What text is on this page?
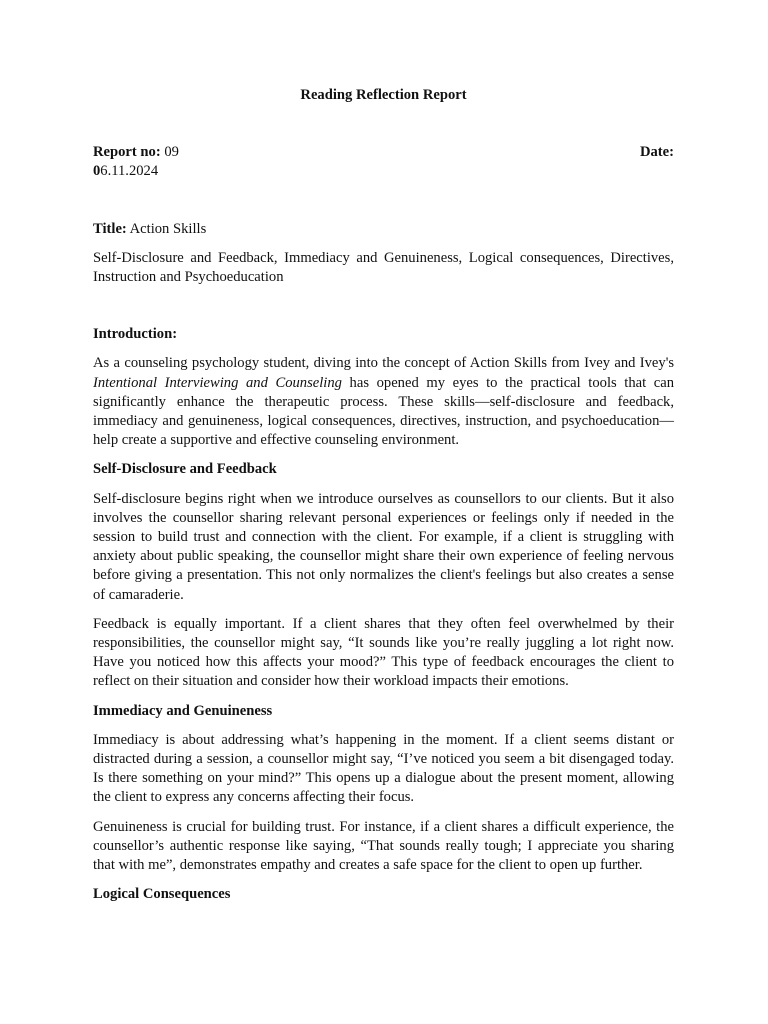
Reading Reflection Report

Report no: 09	Date:
06.11.2024

Title: Action Skills

Self-Disclosure and Feedback, Immediacy and Genuineness, Logical consequences, Directives, Instruction and Psychoeducation

Introduction:

As a counseling psychology student, diving into the concept of Action Skills from Ivey and Ivey's Intentional Interviewing and Counseling has opened my eyes to the practical tools that can significantly enhance the therapeutic process. These skills—self-disclosure and feedback, immediacy and genuineness, logical consequences, directives, instruction, and psychoeducation—help create a supportive and effective counseling environment.

Self-Disclosure and Feedback

Self-disclosure begins right when we introduce ourselves as counsellors to our clients. But it also involves the counsellor sharing relevant personal experiences or feelings only if needed in the session to build trust and connection with the client. For example, if a client is struggling with anxiety about public speaking, the counsellor might share their own experience of feeling nervous before giving a presentation. This not only normalizes the client's feelings but also creates a sense of camaraderie.

Feedback is equally important. If a client shares that they often feel overwhelmed by their responsibilities, the counsellor might say, “It sounds like you’re really juggling a lot right now. Have you noticed how this affects your mood?” This type of feedback encourages the client to reflect on their situation and consider how their workload impacts their emotions.

Immediacy and Genuineness

Immediacy is about addressing what’s happening in the moment. If a client seems distant or distracted during a session, a counsellor might say, “I’ve noticed you seem a bit disengaged today. Is there something on your mind?” This opens up a dialogue about the present moment, allowing the client to express any concerns affecting their focus.

Genuineness is crucial for building trust. For instance, if a client shares a difficult experience, the counsellor’s authentic response like saying, “That sounds really tough; I appreciate you sharing that with me”, demonstrates empathy and creates a safe space for the client to open up further.

Logical Consequences
